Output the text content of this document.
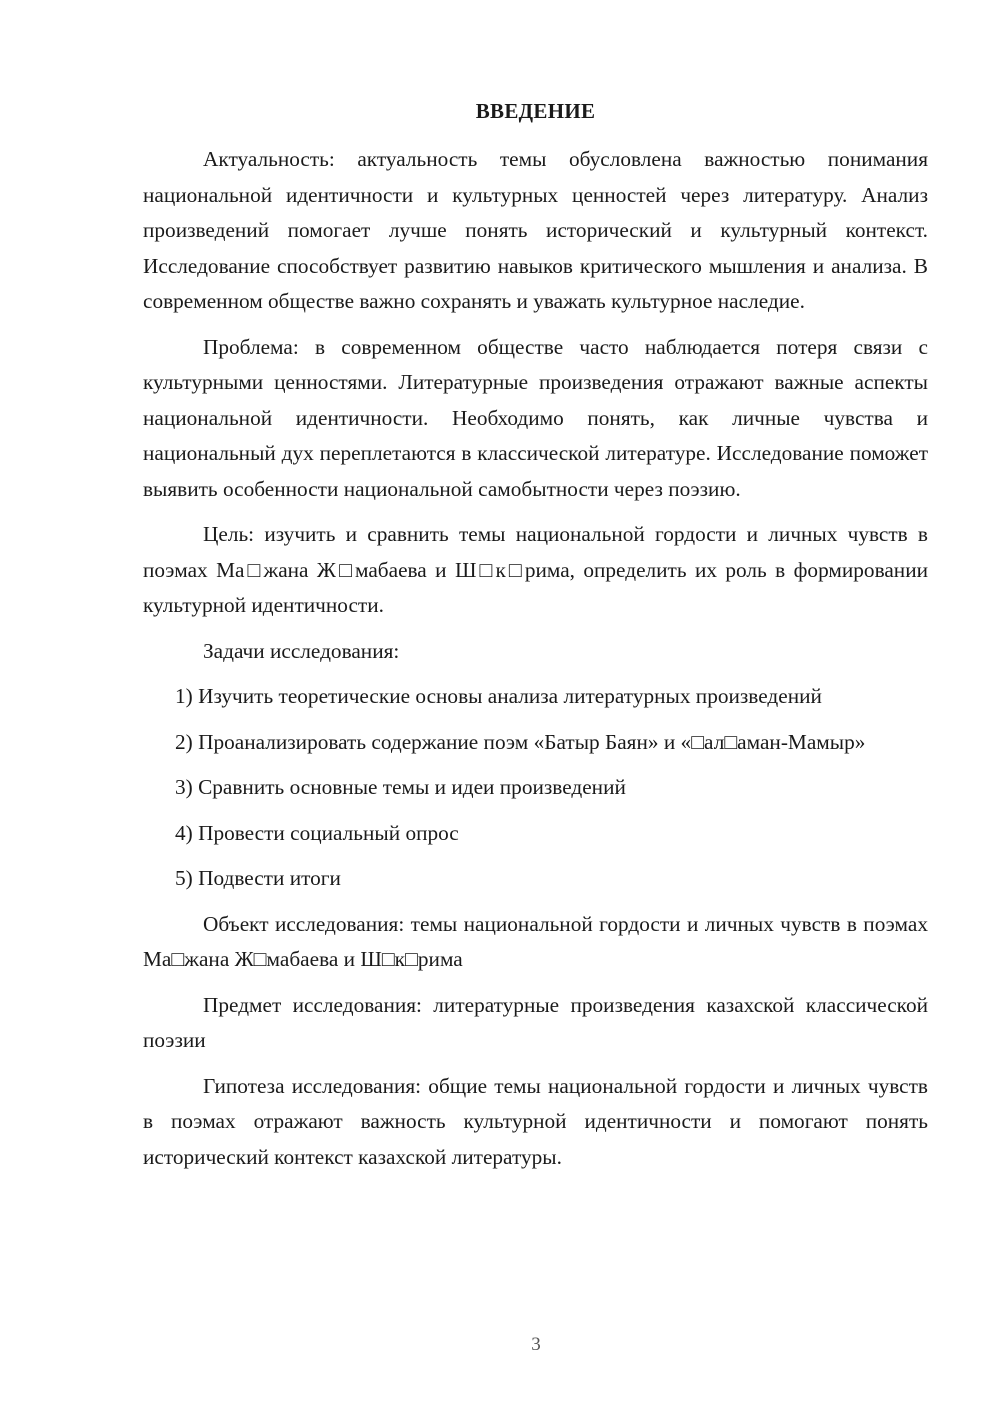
ВВЕДЕНИЕ

Актуальность: актуальность темы обусловлена важностью понимания национальной идентичности и культурных ценностей через литературу. Анализ произведений помогает лучше понять исторический и культурный контекст. Исследование способствует развитию навыков критического мышления и анализа. В современном обществе важно сохранять и уважать культурное наследие.

Проблема: в современном обществе часто наблюдается потеря связи с культурными ценностями. Литературные произведения отражают важные аспекты национальной идентичности. Необходимо понять, как личные чувства и национальный дух переплетаются в классической литературе. Исследование поможет выявить особенности национальной самобытности через поэзию.

Цель: изучить и сравнить темы национальной гордости и личных чувств в поэмах Ма□жана Ж□мабаева и Ш□к□рима, определить их роль в формировании культурной идентичности.

Задачи исследования:

1) Изучить теоретические основы анализа литературных произведений

2) Проанализировать содержание поэм «Батыр Баян» и «□ал□аман-Мамыр»

3) Сравнить основные темы и идеи произведений

4) Провести социальный опрос

5) Подвести итоги

Объект исследования: темы национальной гордости и личных чувств в поэмах Ма□жана Ж□мабаева и Ш□к□рима

Предмет исследования: литературные произведения казахской классической поэзии

Гипотеза исследования: общие темы национальной гордости и личных чувств в поэмах отражают важность культурной идентичности и помогают понять исторический контекст казахской литературы.

3
